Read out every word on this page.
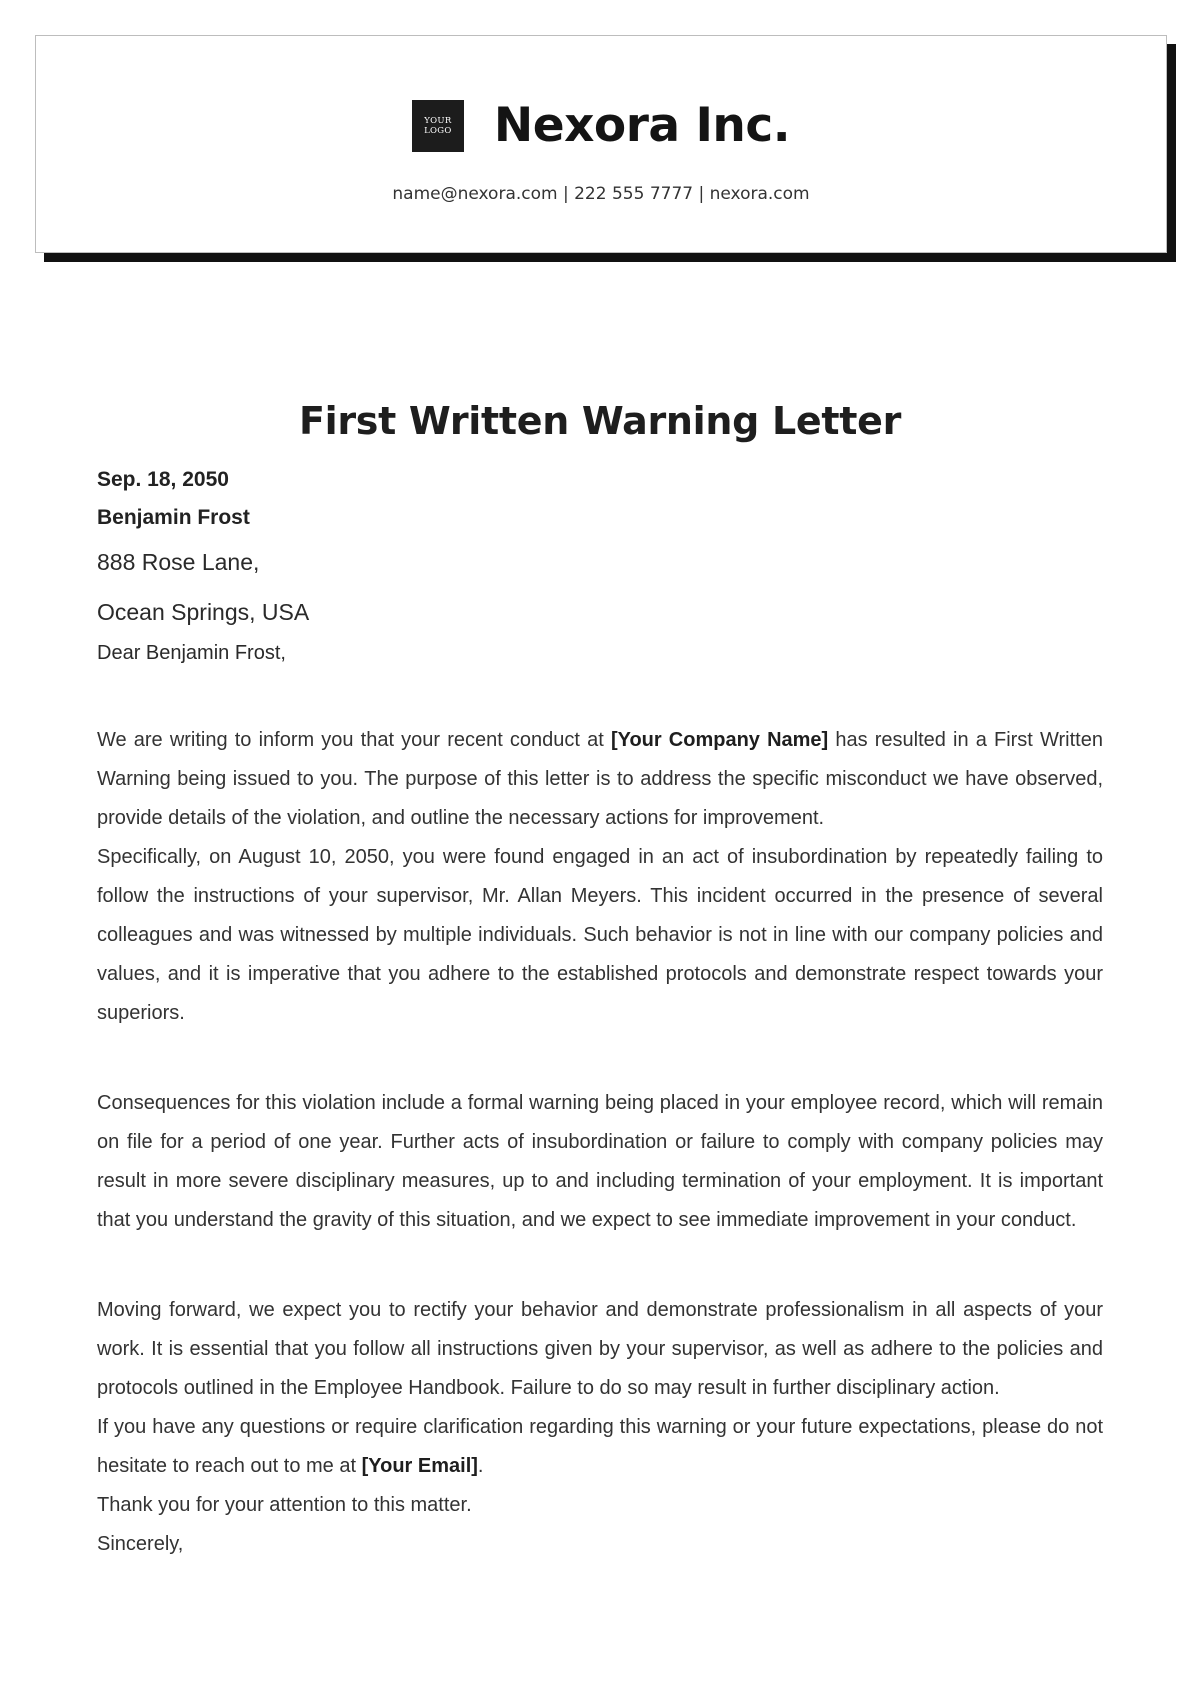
YOUR
LOGO Nexora Inc.
name@nexora.com | 222 555 7777 | nexora.com
First Written Warning Letter
Sep. 18, 2050
Benjamin Frost
888 Rose Lane,
Ocean Springs, USA
Dear Benjamin Frost,

We are writing to inform you that your recent conduct at [Your Company Name] has resulted in a First Written Warning being issued to you. The purpose of this letter is to address the specific misconduct we have observed, provide details of the violation, and outline the necessary actions for improvement.

Specifically, on August 10, 2050, you were found engaged in an act of insubordination by repeatedly failing to follow the instructions of your supervisor, Mr. Allan Meyers. This incident occurred in the presence of several colleagues and was witnessed by multiple individuals. Such behavior is not in line with our company policies and values, and it is imperative that you adhere to the established protocols and demonstrate respect towards your superiors.

Consequences for this violation include a formal warning being placed in your employee record, which will remain on file for a period of one year. Further acts of insubordination or failure to comply with company policies may result in more severe disciplinary measures, up to and including termination of your employment. It is important that you understand the gravity of this situation, and we expect to see immediate improvement in your conduct.

Moving forward, we expect you to rectify your behavior and demonstrate professionalism in all aspects of your work. It is essential that you follow all instructions given by your supervisor, as well as adhere to the policies and protocols outlined in the Employee Handbook. Failure to do so may result in further disciplinary action.

If you have any questions or require clarification regarding this warning or your future expectations, please do not hesitate to reach out to me at [Your Email].

Thank you for your attention to this matter.

Sincerely,
